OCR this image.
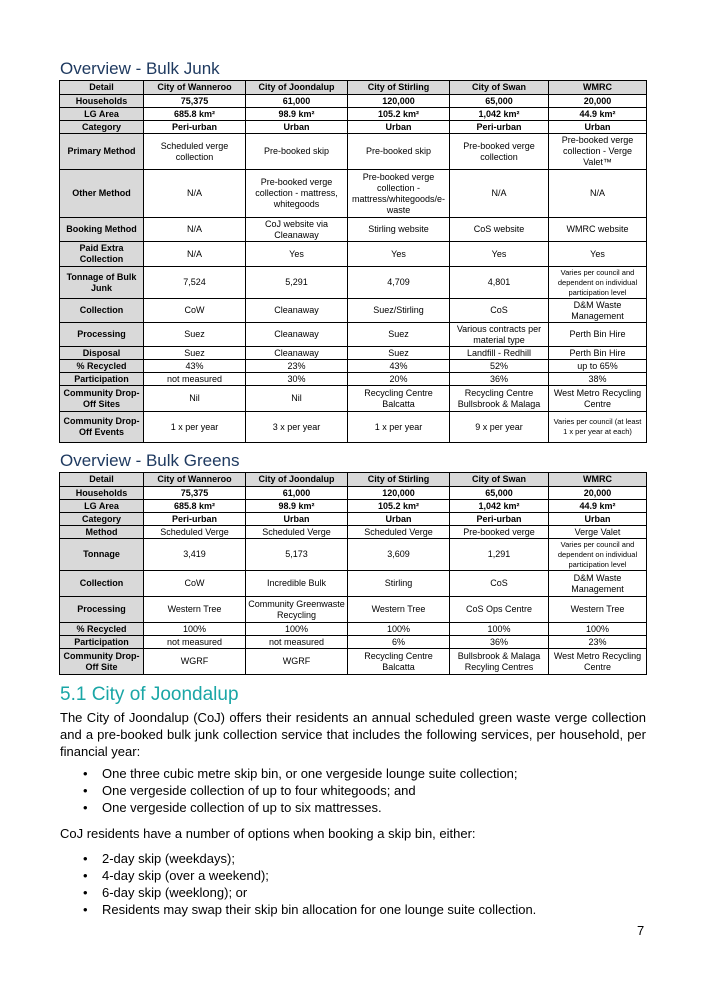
Overview - Bulk Junk
Detail	City of Wanneroo	City of Joondalup	City of Stirling	City of Swan	WMRC
Households	75,375	61,000	120,000	65,000	20,000
LG Area	685.8 km²	98.9 km²	105.2 km²	1,042 km²	44.9 km²
Category	Peri-urban	Urban	Urban	Peri-urban	Urban
Primary Method	Scheduled verge collection	Pre-booked skip	Pre-booked skip	Pre-booked verge collection	Pre-booked verge collection - Verge Valet™
Other Method	N/A	Pre-booked verge collection - mattress, whitegoods	Pre-booked verge collection - mattress/whitegoods/e-waste	N/A	N/A
Booking Method	N/A	CoJ website via Cleanaway	Stirling website	CoS website	WMRC website
Paid Extra Collection	N/A	Yes	Yes	Yes	Yes
Tonnage of Bulk Junk	7,524	5,291	4,709	4,801	Varies per council and dependent on individual participation level
Collection	CoW	Cleanaway	Suez/Stirling	CoS	D&M Waste Management
Processing	Suez	Cleanaway	Suez	Various contracts per material type	Perth Bin Hire
Disposal	Suez	Cleanaway	Suez	Landfill - Redhill	Perth Bin Hire
% Recycled	43%	23%	43%	52%	up to 65%
Participation	not measured	30%	20%	36%	38%
Community Drop-Off Sites	Nil	Nil	Recycling Centre Balcatta	Recycling Centre Bullsbrook & Malaga	West Metro Recycling Centre
Community Drop-Off Events	1 x per year	3 x per year	1 x per year	9 x per year	Varies per council (at least 1 x per year at each)
Overview - Bulk Greens
Detail	City of Wanneroo	City of Joondalup	City of Stirling	City of Swan	WMRC
Households	75,375	61,000	120,000	65,000	20,000
LG Area	685.8 km²	98.9 km²	105.2 km²	1,042 km²	44.9 km²
Category	Peri-urban	Urban	Urban	Peri-urban	Urban
Method	Scheduled Verge	Scheduled Verge	Scheduled Verge	Pre-booked verge	Verge Valet
Tonnage	3,419	5,173	3,609	1,291	Varies per council and dependent on individual participation level
Collection	CoW	Incredible Bulk	Stirling	CoS	D&M Waste Management
Processing	Western Tree	Community Greenwaste Recycling	Western Tree	CoS Ops Centre	Western Tree
% Recycled	100%	100%	100%	100%	100%
Participation	not measured	not measured	6%	36%	23%
Community Drop-Off Site	WGRF	WGRF	Recycling Centre Balcatta	Bullsbrook & Malaga Recyling Centres	West Metro Recycling Centre
5.1 City of Joondalup

The City of Joondalup (CoJ) offers their residents an annual scheduled green waste verge collection and a pre-booked bulk junk collection service that includes the following services, per household, per financial year:

• One three cubic metre skip bin, or one vergeside lounge suite collection;
• One vergeside collection of up to four whitegoods; and
• One vergeside collection of up to six mattresses.

CoJ residents have a number of options when booking a skip bin, either:

• 2-day skip (weekdays);
• 4-day skip (over a weekend);
• 6-day skip (weeklong); or
• Residents may swap their skip bin allocation for one lounge suite collection.
7
